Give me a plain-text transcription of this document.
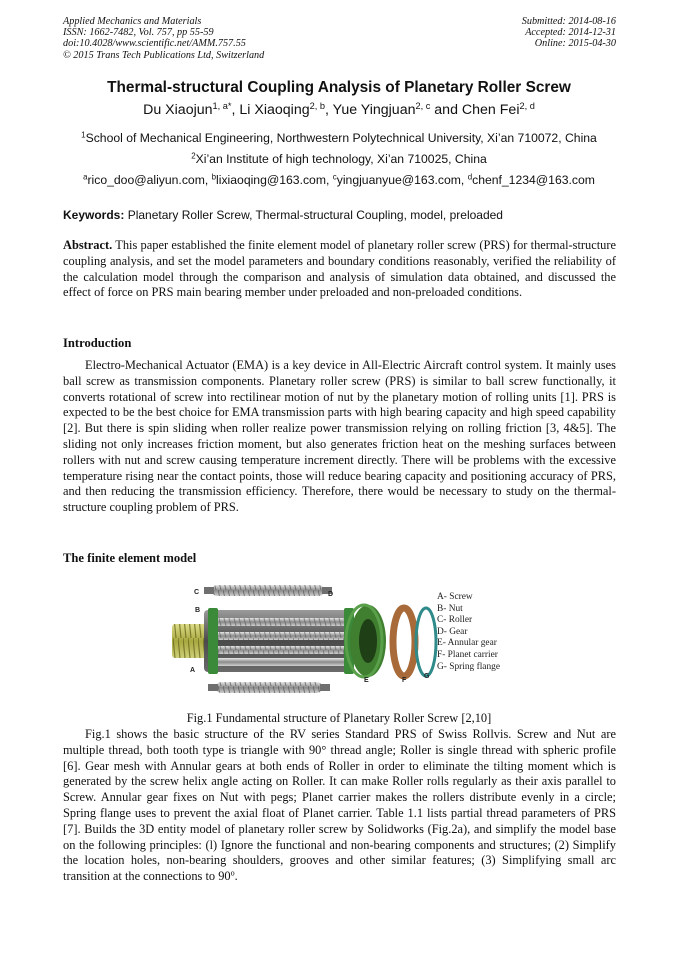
Applied Mechanics and Materials
ISSN: 1662-7482, Vol. 757, pp 55-59
doi:10.4028/www.scientific.net/AMM.757.55
© 2015 Trans Tech Publications Ltd, Switzerland
Submitted: 2014-08-16
Accepted: 2014-12-31
Online: 2015-04-30
Thermal-structural Coupling Analysis of Planetary Roller Screw
Du Xiaojun$^{1, a*}$, Li Xiaoqing$^{2, b}$, Yue Yingjuan$^{2, c}$ and Chen Fei$^{2, d}$
$^1$School of Mechanical Engineering, Northwestern Polytechnical University, Xi’an 710072, China
$^2$Xi’an Institute of high technology, Xi’an 710025, China
$^a$rico_doo@aliyun.com, $^b$lixiaoqing@163.com, $^c$yingjuanyue@163.com, $^d$chenf_1234@163.com
Keywords: Planetary Roller Screw, Thermal-structural Coupling, model, preloaded
Abstract. This paper established the finite element model of planetary roller screw (PRS) for thermal-structure coupling analysis, and set the model parameters and boundary conditions reasonably, verified the reliability of the calculation model through the comparison and analysis of simulation data obtained, and discussed the effect of force on PRS main bearing member under preloaded and non-preloaded conditions.
Introduction
Electro-Mechanical Actuator (EMA) is a key device in All-Electric Aircraft control system. It mainly uses ball screw as transmission components. Planetary roller screw (PRS) is similar to ball screw functionally, it converts rotational of screw into rectilinear motion of nut by the planetary motion of rolling units [1]. PRS is expected to be the best choice for EMA transmission parts with high bearing capacity and high speed capability [2]. But there is spin sliding when roller realize power transmission relying on rolling friction [3, 4&5]. The sliding not only increases friction moment, but also generates friction heat on the meshing surfaces between rollers with nut and screw causing temperature increment directly. There will be problems with the excessive temperature rising near the contact points, those will reduce bearing capacity and positioning accuracy of PRS, and then reducing the transmission efficiency. Therefore, there would be necessary to study on the thermal-structure coupling problem of PRS.
The finite element model
C	D
B
A
E	F
G
A- Screw
B- Nut
C- Roller
D- Gear
E- Annular gear
F- Planet carrier
G- Spring flange
Fig.1 Fundamental structure of Planetary Roller Screw [2,10]
Fig.1 shows the basic structure of the RV series Standard PRS of Swiss Rollvis. Screw and Nut are multiple thread, both tooth type is triangle with 90° thread angle; Roller is single thread with spheric profile [6]. Gear mesh with Annular gears at both ends of Roller in order to eliminate the tilting moment which is generated by the screw helix angle acting on Roller. It can make Roller rolls regularly as their axis parallel to Screw. Annular gear fixes on Nut with pegs; Planet carrier makes the rollers distribute evenly in a circle; Spring flange uses to prevent the axial float of Planet carrier. Table 1.1 lists partial thread parameters of PRS [7]. Builds the 3D entity model of planetary roller screw by Solidworks (Fig.2a), and simplify the model base on the following principles: (l) Ignore the functional and non-bearing components and structures; (2) Simplify the location holes, non-bearing shoulders, grooves and other similar features; (3) Simplifying small arc transition at the connections to 90$^o$.
